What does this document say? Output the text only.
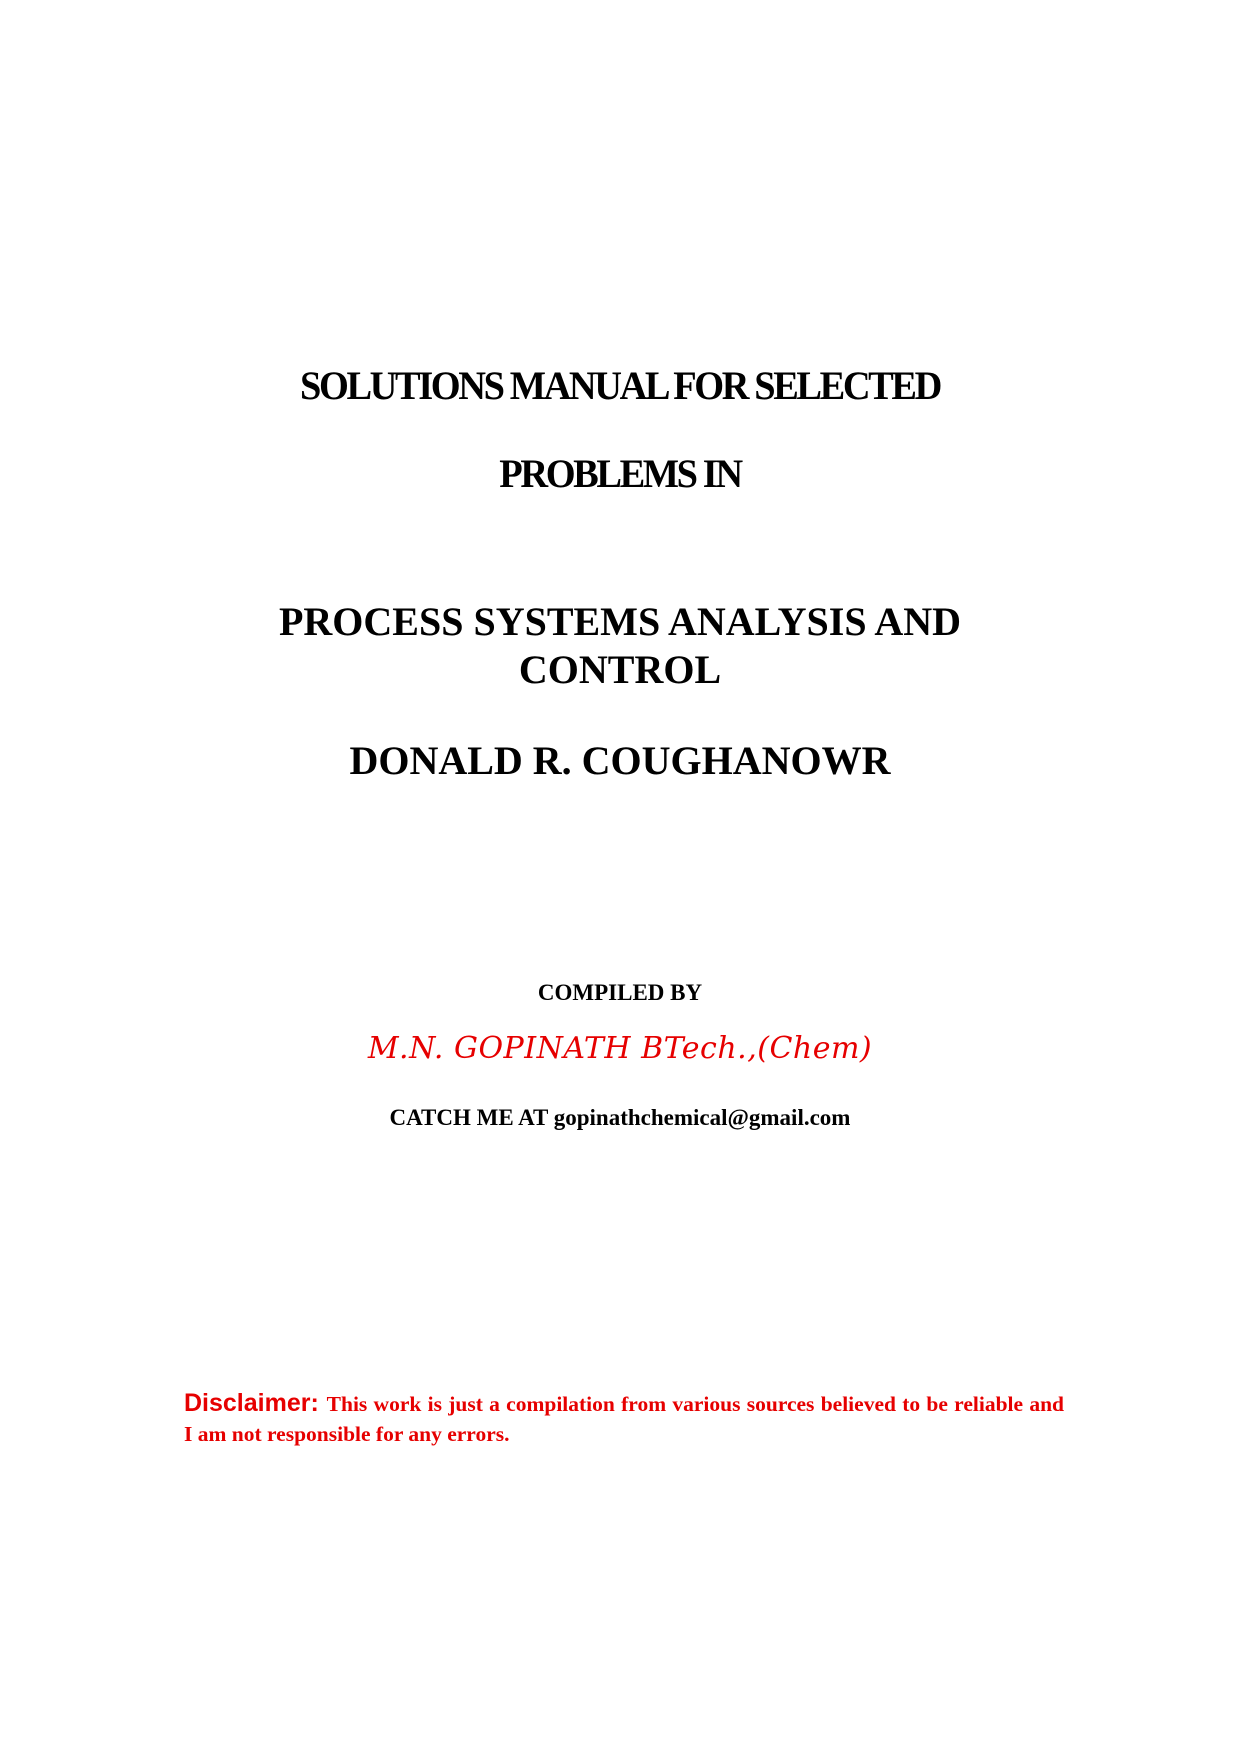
SOLUTIONS MANUAL FOR SELECTED
PROBLEMS IN
PROCESS SYSTEMS ANALYSIS AND
CONTROL
DONALD R. COUGHANOWR
COMPILED BY
M.N. GOPINATH BTech.,(Chem)
CATCH ME AT gopinathchemical@gmail.com
Disclaimer: This work is just a compilation from various sources believed to be reliable and I am not responsible for any errors.
